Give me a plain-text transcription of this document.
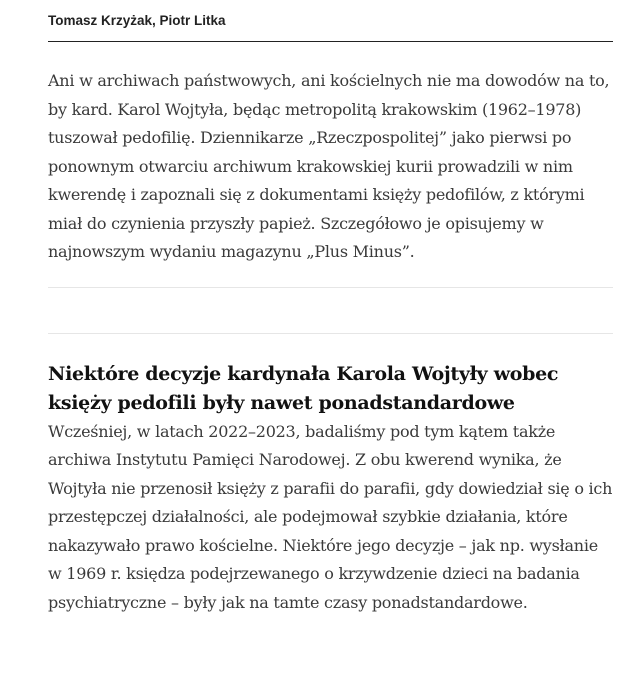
Tomasz Krzyżak, Piotr Litka

Ani w archiwach państwowych, ani kościelnych nie ma dowodów na to, by kard. Karol Wojtyła, będąc metropolitą krakowskim (1962–1978) tuszował pedofilię. Dziennikarze „Rzeczpospolitej” jako pierwsi po ponownym otwarciu archiwum krakowskiej kurii prowadzili w nim kwerendę i zapoznali się z dokumentami księży pedofilów, z którymi miał do czynienia przyszły papież. Szczegółowo je opisujemy w najnowszym wydaniu magazynu „Plus Minus”.

Niektóre decyzje kardynała Karola Wojtyły wobec księży pedofili były nawet ponadstandardowe

Wcześniej, w latach 2022–2023, badaliśmy pod tym kątem także archiwa Instytutu Pamięci Narodowej. Z obu kwerend wynika, że Wojtyła nie przenosił księży z parafii do parafii, gdy dowiedział się o ich przestępczej działalności, ale podejmował szybkie działania, które nakazywało prawo kościelne. Niektóre jego decyzje – jak np. wysłanie w 1969 r. księdza podejrzewanego o krzywdzenie dzieci na badania psychiatryczne – były jak na tamte czasy ponadstandardowe.
